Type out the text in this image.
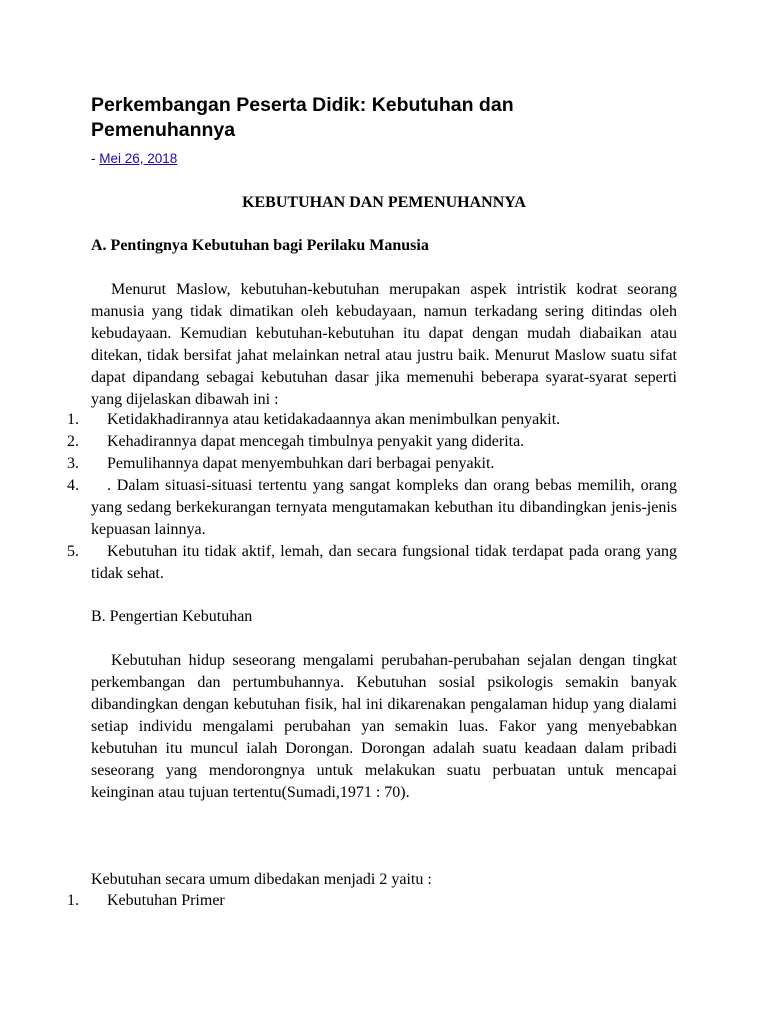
Perkembangan Peserta Didik: Kebutuhan dan Pemenuhannya
- Mei 26, 2018

KEBUTUHAN DAN PEMENUHANNYA

A. Pentingnya Kebutuhan bagi Perilaku Manusia

Menurut Maslow, kebutuhan-kebutuhan merupakan aspek intristik kodrat seorang manusia yang tidak dimatikan oleh kebudayaan, namun terkadang sering ditindas oleh kebudayaan. Kemudian kebutuhan-kebutuhan itu dapat dengan mudah diabaikan atau ditekan, tidak bersifat jahat melainkan netral atau justru baik. Menurut Maslow suatu sifat dapat dipandang sebagai kebutuhan dasar jika memenuhi beberapa syarat-syarat seperti yang dijelaskan dibawah ini :

1.	Ketidakhadirannya atau ketidakadaannya akan menimbulkan penyakit.
2.	Kehadirannya dapat mencegah timbulnya penyakit yang diderita.
3.	Pemulihannya dapat menyembuhkan dari berbagai penyakit.
4.	. Dalam situasi-situasi tertentu yang sangat kompleks dan orang bebas memilih, orang yang sedang berkekurangan ternyata mengutamakan kebuthan itu dibandingkan jenis-jenis kepuasan lainnya.
5.	Kebutuhan itu tidak aktif, lemah, dan secara fungsional tidak terdapat pada orang yang tidak sehat.

B. Pengertian Kebutuhan

Kebutuhan hidup seseorang mengalami perubahan-perubahan sejalan dengan tingkat perkembangan dan pertumbuhannya. Kebutuhan sosial psikologis semakin banyak dibandingkan dengan kebutuhan fisik, hal ini dikarenakan pengalaman hidup yang dialami setiap individu mengalami perubahan yan semakin luas. Fakor yang menyebabkan kebutuhan itu muncul ialah Dorongan. Dorongan adalah suatu keadaan dalam pribadi seseorang yang mendorongnya untuk melakukan suatu perbuatan untuk mencapai keinginan atau tujuan tertentu(Sumadi,1971 : 70).

Kebutuhan secara umum dibedakan menjadi 2 yaitu :

1.	Kebutuhan Primer
